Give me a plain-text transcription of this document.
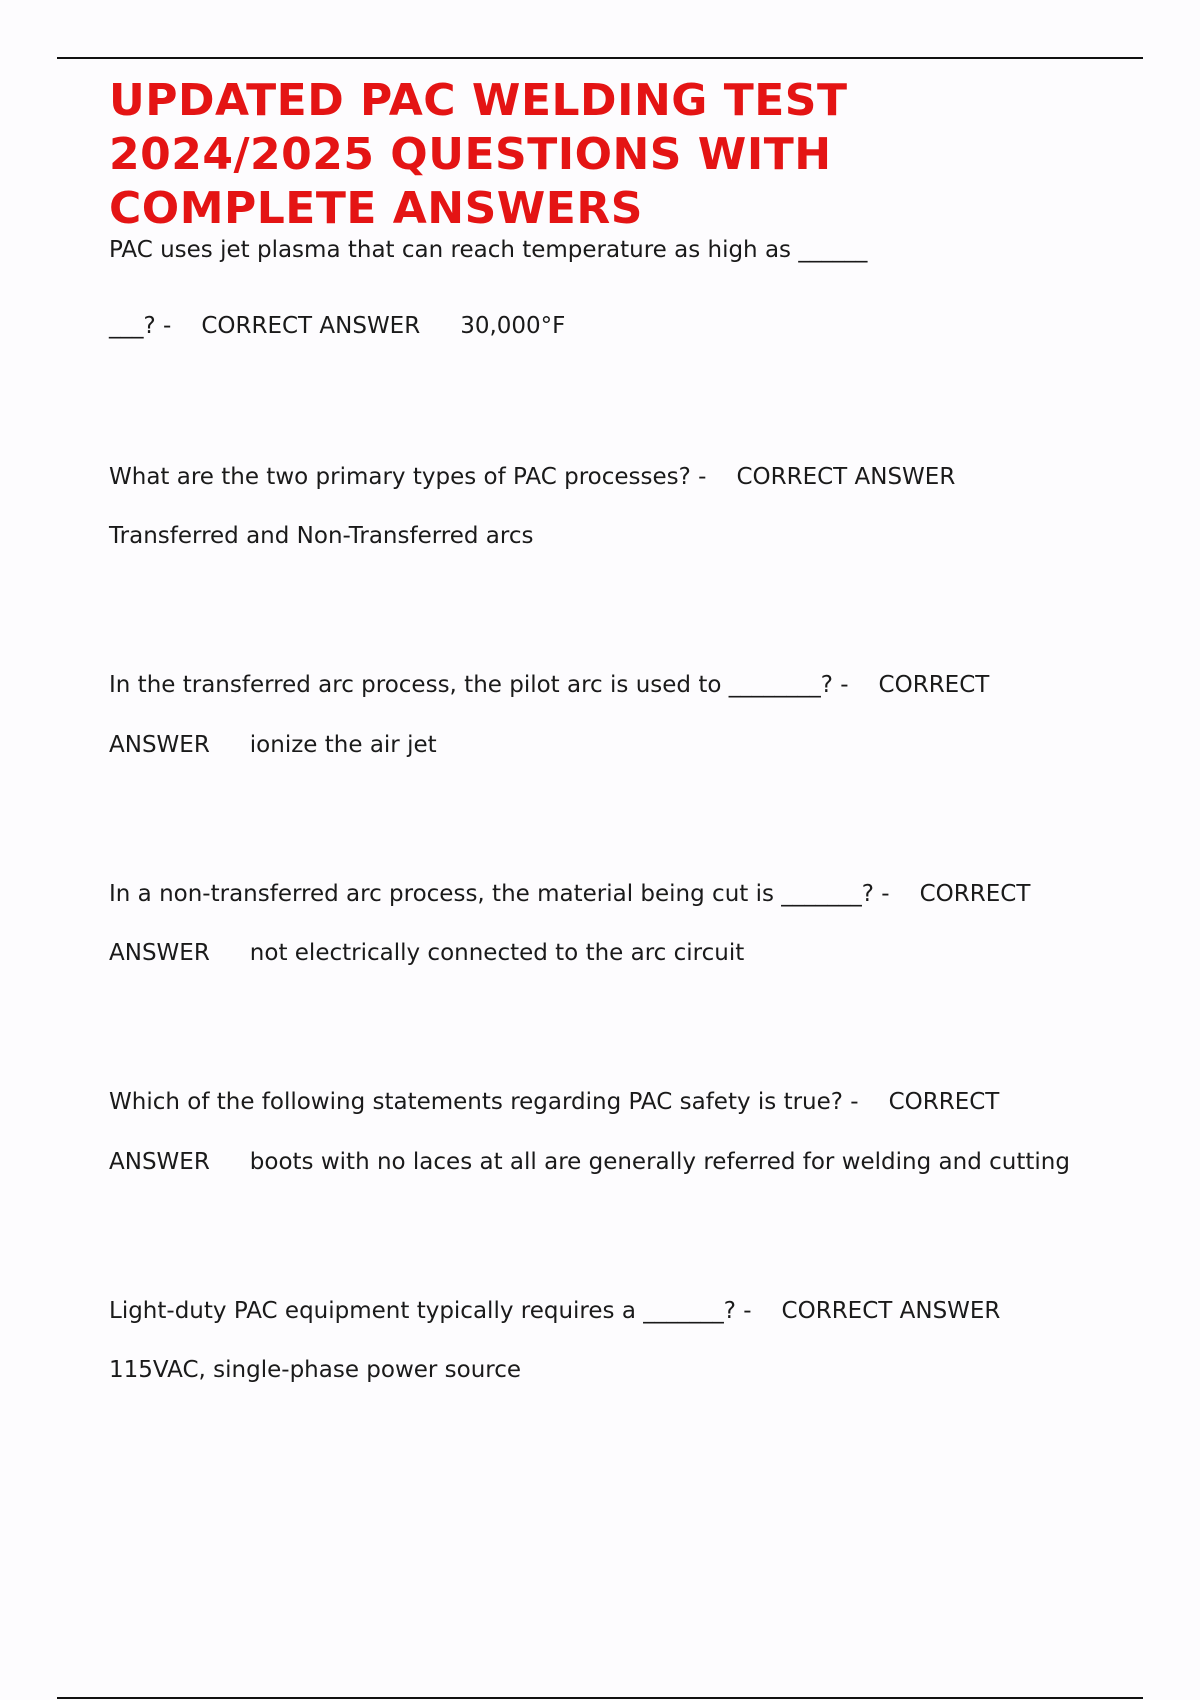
UPDATED PAC WELDING TEST
2024/2025 QUESTIONS WITH
COMPLETE ANSWERS
PAC uses jet plasma that can reach temperature as high as ______
___? - CORRECT ANSWER 30,000°F
What are the two primary types of PAC processes? - CORRECT ANSWER
Transferred and Non-Transferred arcs
In the transferred arc process, the pilot arc is used to ________? - CORRECT
ANSWER ionize the air jet
In a non-transferred arc process, the material being cut is _______? - CORRECT
ANSWER not electrically connected to the arc circuit
Which of the following statements regarding PAC safety is true? - CORRECT
ANSWER boots with no laces at all are generally referred for welding and cutting
Light-duty PAC equipment typically requires a _______? - CORRECT ANSWER
115VAC, single-phase power source
